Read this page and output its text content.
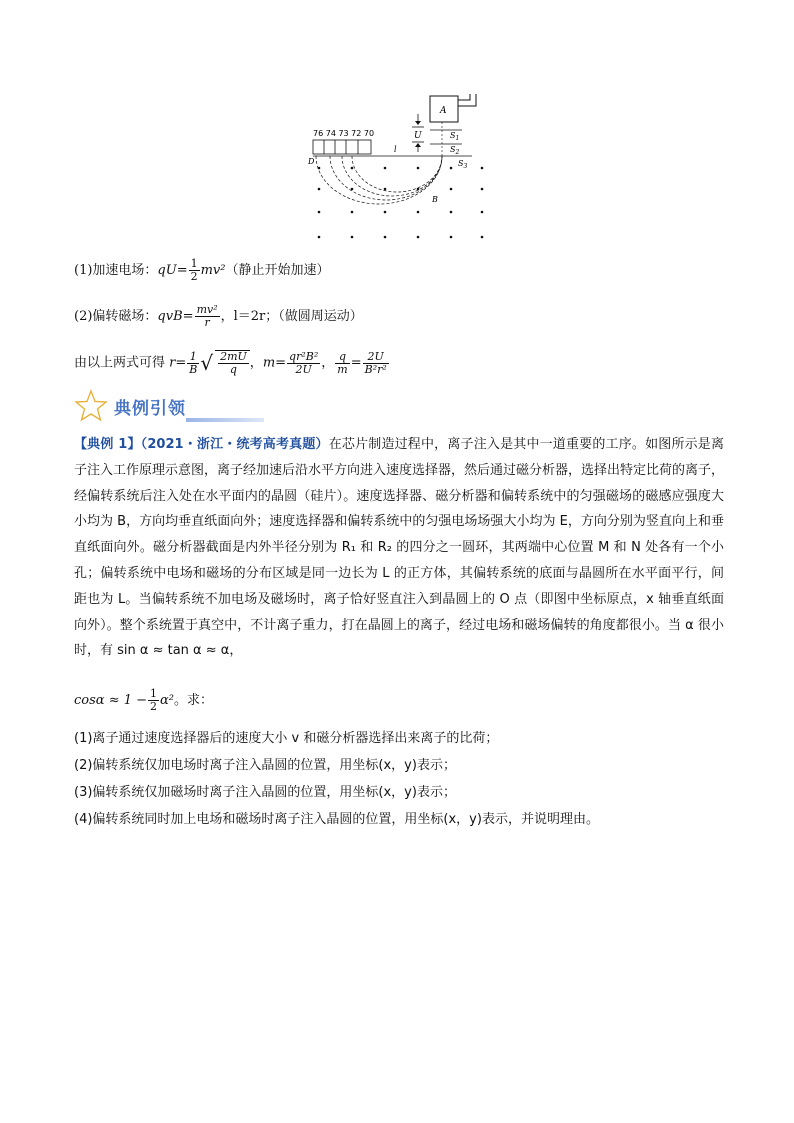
A
U	$S_1$
$S_2$
$S_3$
76 74 73 72 70
l
D
B
(1)加速电场：$qU= \frac{1}{2} mv^2$（静止开始加速）
(2)偏转磁场：$qvB= \frac{\text{mv²}}{r}$ ，l＝2r；（做圆周运动）
由以上两式可得 $r= \frac{1}{B}$ √ $\frac{2mU}{q}$ ，$m= \frac{\text{qr²B²}}{2U}$ ， $\frac{q}{m} = \frac{2U}{\text{B²r²}}$
典例引领
【典例 1】（2021・浙江・统考高考真题）在芯片制造过程中，离子注入是其中一道重要的工序。如图所示是离子注入工作原理示意图，离子经加速后沿水平方向进入速度选择器，然后通过磁分析器，选择出特定比荷的离子，经偏转系统后注入处在水平面内的晶圆（硅片）。速度选择器、磁分析器和偏转系统中的匀强磁场的磁感应强度大小均为 B，方向均垂直纸面向外；速度选择器和偏转系统中的匀强电场场强大小均为 E，方向分别为竖直向上和垂直纸面向外。磁分析器截面是内外半径分别为 R₁ 和 R₂ 的四分之一圆环，其两端中心位置 M 和 N 处各有一个小孔；偏转系统中电场和磁场的分布区域是同一边长为 L 的正方体，其偏转系统的底面与晶圆所在水平面平行，间距也为 L。当偏转系统不加电场及磁场时，离子恰好竖直注入到晶圆上的 O 点（即图中坐标原点，x 轴垂直纸面向外）。整个系统置于真空中，不计离子重力，打在晶圆上的离子，经过电场和磁场偏转的角度都很小。当 α 很小时，有 sin α ≈ tan α ≈ α，
$\cos\alpha \approx 1 - \frac{1}{2} \alpha^2$。求：
(1)离子通过速度选择器后的速度大小 v 和磁分析器选择出来离子的比荷；
(2)偏转系统仅加电场时离子注入晶圆的位置，用坐标(x，y)表示；
(3)偏转系统仅加磁场时离子注入晶圆的位置，用坐标(x，y)表示；
(4)偏转系统同时加上电场和磁场时离子注入晶圆的位置，用坐标(x，y)表示，并说明理由。
